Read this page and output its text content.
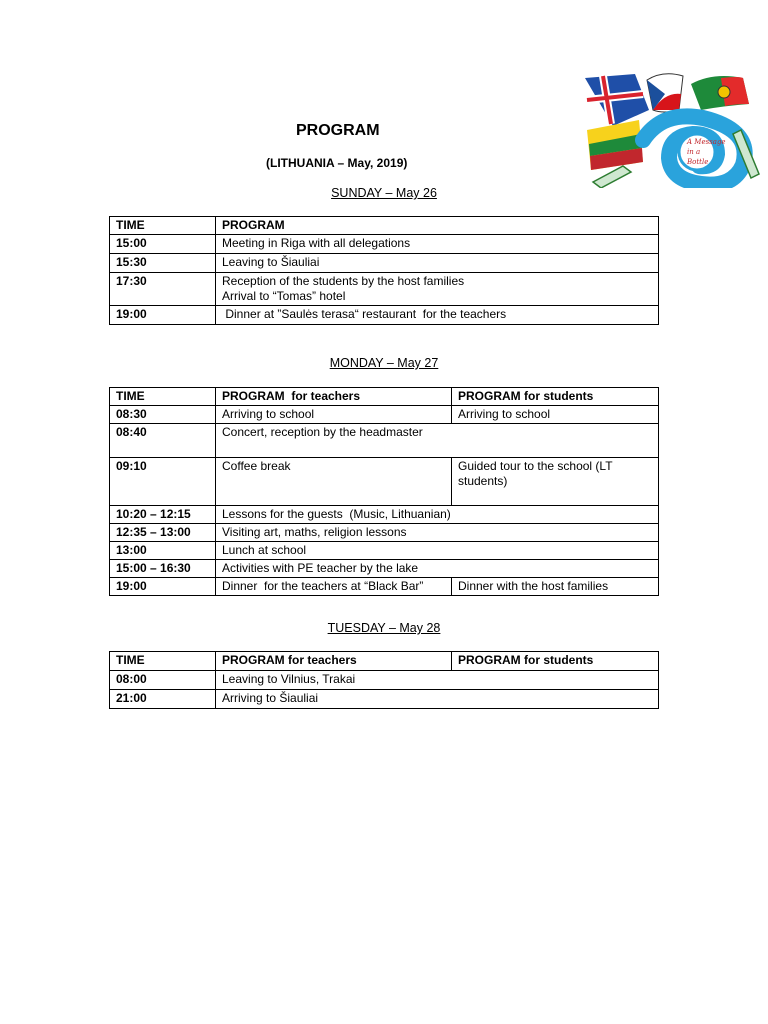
PROGRAM
(LITHUANIA – May, 2019)
A Message
in a
Bottle
SUNDAY – May 26
TIME	PROGRAM
15:00	Meeting in Riga with all delegations
15:30	Leaving to Šiauliai
17:30	Reception of the students by the host families
Arrival to “Tomas” hotel

19:00	Dinner at ”Saulės terasa“ restaurant  for the teachers
MONDAY – May 27
TIME	PROGRAM  for teachers	PROGRAM for students
08:30	Arriving to school	Arriving to school
08:40	Concert, reception by the headmaster	
09:10	Coffee break	Guided tour to the school (LT students)
10:20 – 12:15	Lessons for the guests  (Music, Lithuanian)	
12:35 – 13:00	Visiting art, maths, religion lessons	
13:00	Lunch at school	
15:00 – 16:30	Activities with PE teacher by the lake	
19:00	Dinner  for the teachers at “Black Bar”	Dinner with the host families
TUESDAY – May 28
TIME	PROGRAM for teachers	PROGRAM for students
08:00	Leaving to Vilnius, Trakai	
21:00	Arriving to Šiauliai	
